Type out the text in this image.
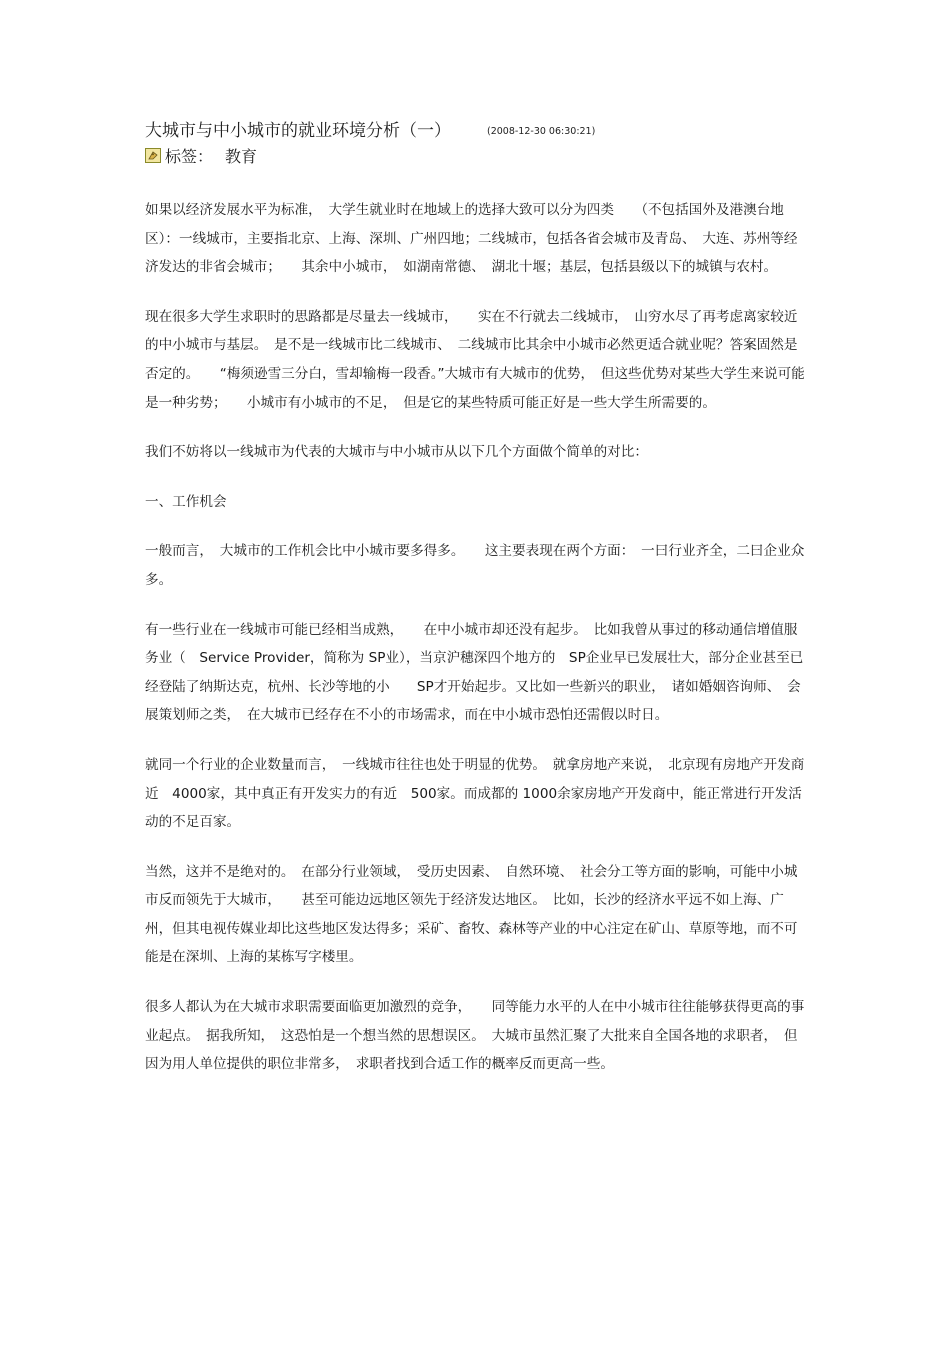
大城市与中小城市的就业环境分析（一）	(2008-12-30 06:30:21)
标签： 教育

如果以经济发展水平为标准，　大学生就业时在地域上的选择大致可以分为四类　　（不包括国外及港澳台地区）：一线城市，主要指北京、上海、深圳、广州四地；二线城市，包括各省会城市及青岛、　大连、苏州等经济发达的非省会城市；　　其余中小城市，　如湖南常德、　湖北十堰；基层，包括县级以下的城镇与农村。

现在很多大学生求职时的思路都是尽量去一线城市，　　实在不行就去二线城市，　山穷水尽了再考虑离家较近的中小城市与基层。　是不是一线城市比二线城市、　二线城市比其余中小城市必然更适合就业呢？答案固然是否定的。　　“梅须逊雪三分白，雪却输梅一段香。”大城市有大城市的优势，　但这些优势对某些大学生来说可能是一种劣势；　　小城市有小城市的不足，　但是它的某些特质可能正好是一些大学生所需要的。

我们不妨将以一线城市为代表的大城市与中小城市从以下几个方面做个简单的对比：

一、工作机会

一般而言，　大城市的工作机会比中小城市要多得多。　　这主要表现在两个方面：　一曰行业齐全，二曰企业众多。

有一些行业在一线城市可能已经相当成熟，　　在中小城市却还没有起步。　比如我曾从事过的移动通信增值服务业（　Service Provider，简称为 SP业），当京沪穗深四个地方的　SP企业早已发展壮大，部分企业甚至已经登陆了纳斯达克，杭州、长沙等地的小　　SP才开始起步。又比如一些新兴的职业，　诸如婚姻咨询师、　会展策划师之类，　在大城市已经存在不小的市场需求，而在中小城市恐怕还需假以时日。

就同一个行业的企业数量而言，　一线城市往往也处于明显的优势。　就拿房地产来说，　北京现有房地产开发商近　4000家，其中真正有开发实力的有近　500家。而成都的 1000余家房地产开发商中，能正常进行开发活动的不足百家。

当然，这并不是绝对的。　在部分行业领域，　受历史因素、　自然环境、　社会分工等方面的影响，可能中小城市反而领先于大城市，　　甚至可能边远地区领先于经济发达地区。　比如，长沙的经济水平远不如上海、广州，但其电视传媒业却比这些地区发达得多；采矿、畜牧、森林等产业的中心注定在矿山、草原等地，而不可能是在深圳、上海的某栋写字楼里。

很多人都认为在大城市求职需要面临更加激烈的竞争，　　同等能力水平的人在中小城市往往能够获得更高的事业起点。　据我所知，　这恐怕是一个想当然的思想误区。　大城市虽然汇聚了大批来自全国各地的求职者，　但因为用人单位提供的职位非常多，　求职者找到合适工作的概率反而更高一些。
